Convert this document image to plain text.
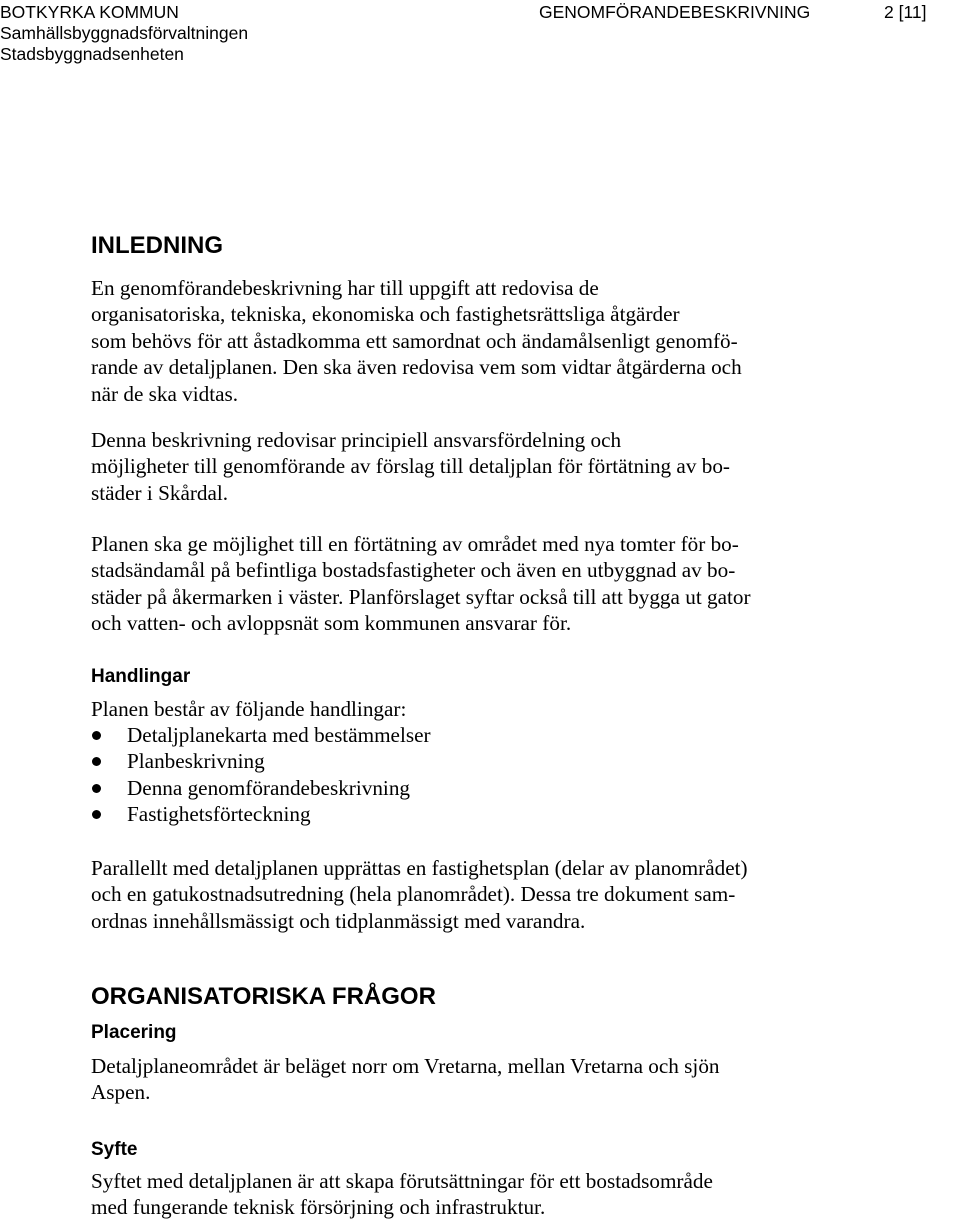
BOTKYRKA KOMMUN
Samhällsbyggnadsförvaltningen
Stadsbyggnadsenheten
GENOMFÖRANDEBESKRIVNING	2 [11]
INLEDNING
En genomförandebeskrivning har till uppgift att redovisa de
organisatoriska, tekniska, ekonomiska och fastighetsrättsliga åtgärder
som behövs för att åstadkomma ett samordnat och ändamålsenligt genomfö-
rande av detaljplanen. Den ska även redovisa vem som vidtar åtgärderna och
när de ska vidtas.
Denna beskrivning redovisar principiell ansvarsfördelning och
möjligheter till genomförande av förslag till detaljplan för förtätning av bo-
städer i Skårdal.
Planen ska ge möjlighet till en förtätning av området med nya tomter för bo-
stadsändamål på befintliga bostadsfastigheter och även en utbyggnad av bo-
städer på åkermarken i väster. Planförslaget syftar också till att bygga ut gator
och vatten- och avloppsnät som kommunen ansvarar för.
Handlingar
Planen består av följande handlingar:
Detaljplanekarta med bestämmelser
Planbeskrivning
Denna genomförandebeskrivning
Fastighetsförteckning
Parallellt med detaljplanen upprättas en fastighetsplan (delar av planområdet)
och en gatukostnadsutredning (hela planområdet). Dessa tre dokument sam-
ordnas innehållsmässigt och tidplanmässigt med varandra.
ORGANISATORISKA FRÅGOR
Placering
Detaljplaneområdet är beläget norr om Vretarna, mellan Vretarna och sjön
Aspen.
Syfte
Syftet med detaljplanen är att skapa förutsättningar för ett bostadsområde
med fungerande teknisk försörjning och infrastruktur.
